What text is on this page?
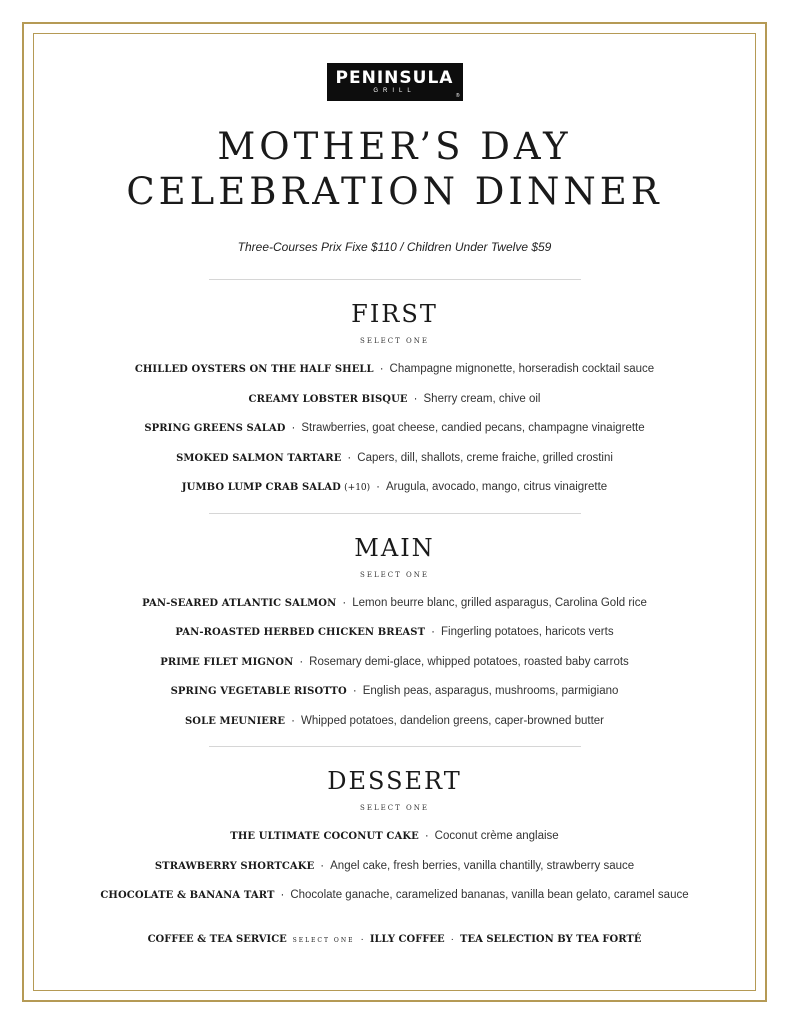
PENINSULA
GRILL
®
MOTHER’S DAY
CELEBRATION DINNER
Three-Courses Prix Fixe $110 / Children Under Twelve $59
FIRST
SELECT ONE
CHILLED OYSTERS ON THE HALF SHELL · Champagne mignonette, horseradish cocktail sauce
CREAMY LOBSTER BISQUE · Sherry cream, chive oil
SPRING GREENS SALAD · Strawberries, goat cheese, candied pecans, champagne vinaigrette
SMOKED SALMON TARTARE · Capers, dill, shallots, creme fraiche, grilled crostini
JUMBO LUMP CRAB SALAD (+10) · Arugula, avocado, mango, citrus vinaigrette
MAIN
SELECT ONE
PAN-SEARED ATLANTIC SALMON · Lemon beurre blanc, grilled asparagus, Carolina Gold rice
PAN-ROASTED HERBED CHICKEN BREAST · Fingerling potatoes, haricots verts
PRIME FILET MIGNON · Rosemary demi-glace, whipped potatoes, roasted baby carrots
SPRING VEGETABLE RISOTTO · English peas, asparagus, mushrooms, parmigiano
SOLE MEUNIERE · Whipped potatoes, dandelion greens, caper-browned butter
DESSERT
SELECT ONE
THE ULTIMATE COCONUT CAKE · Coconut crème anglaise
STRAWBERRY SHORTCAKE · Angel cake, fresh berries, vanilla chantilly, strawberry sauce
CHOCOLATE & BANANA TART · Chocolate ganache, caramelized bananas, vanilla bean gelato, caramel sauce
COFFEE & TEA SERVICE SELECT ONE · ILLY COFFEE · TEA SELECTION BY TEA FORTÉ
